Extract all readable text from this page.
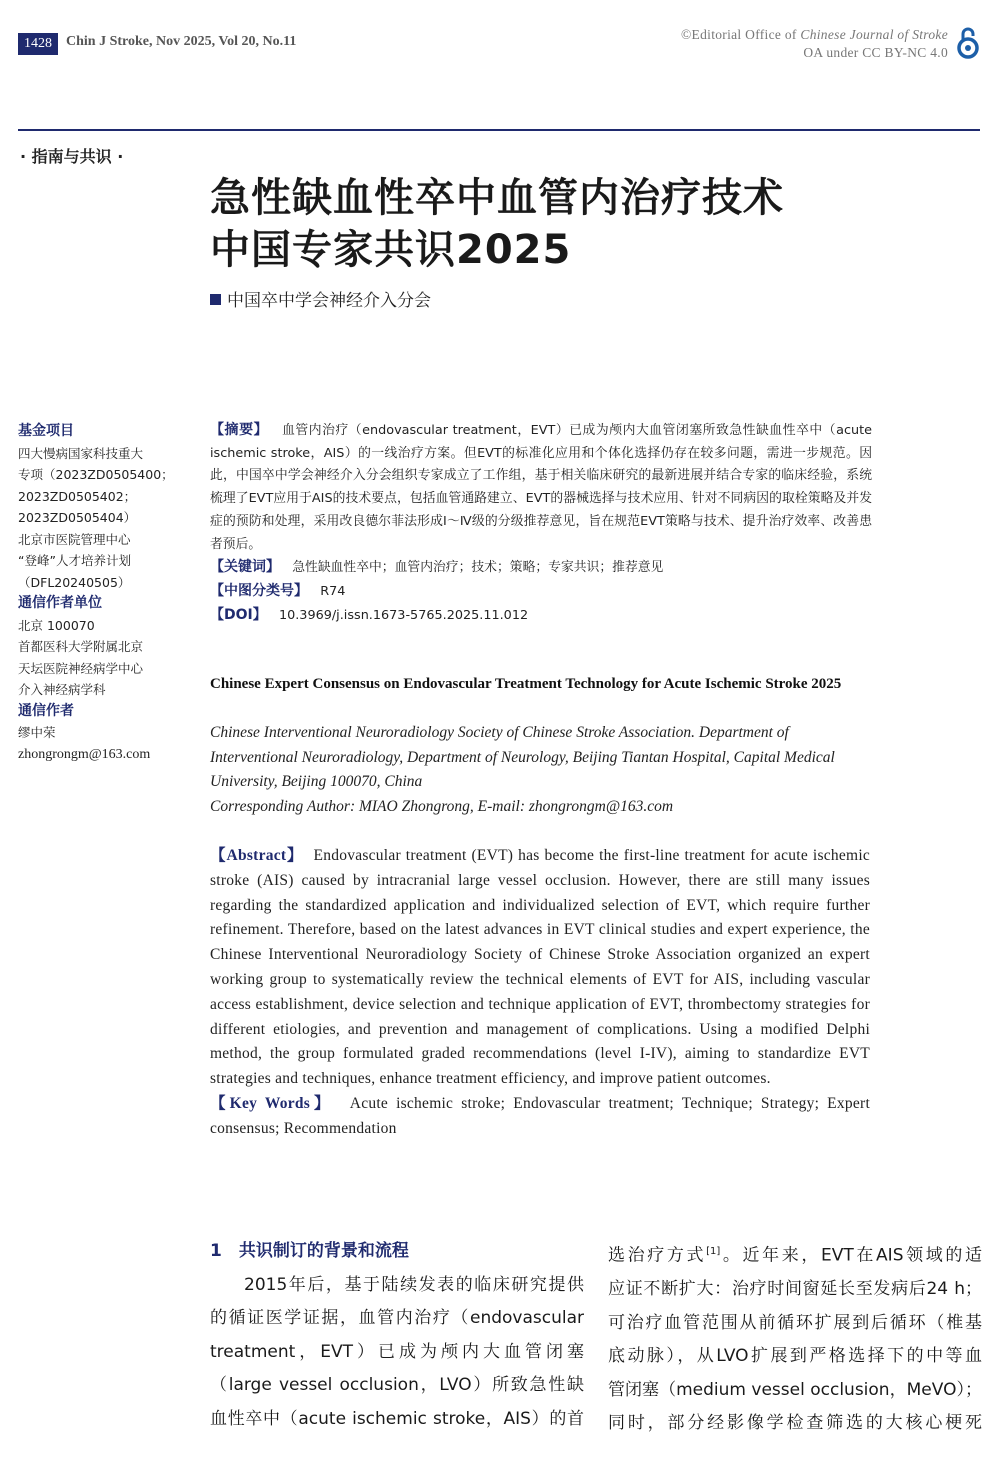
1428	Chin J Stroke, Nov 2025, Vol 20, No.11	©Editorial Office of Chinese Journal of Stroke
OA under CC BY-NC 4.0
· 指南与共识 ·
急性缺血性卒中血管内治疗技术
中国专家共识2025
中国卒中学会神经介入分会
基金项目
四大慢病国家科技重大
专项（2023ZD0505400；
2023ZD0505402；
2023ZD0505404）
北京市医院管理中心
“登峰”人才培养计划
（DFL20240505）
通信作者单位
北京 100070
首都医科大学附属北京
天坛医院神经病学中心
介入神经病学科
通信作者
缪中荣
zhongrongm@163.com
【摘要】 血管内治疗（endovascular treatment，EVT）已成为颅内大血管闭塞所致急性缺血性卒中（acute ischemic stroke，AIS）的一线治疗方案。但EVT的标准化应用和个体化选择仍存在较多问题，需进一步规范。因此，中国卒中学会神经介入分会组织专家成立了工作组，基于相关临床研究的最新进展并结合专家的临床经验，系统梳理了EVT应用于AIS的技术要点，包括血管通路建立、EVT的器械选择与技术应用、针对不同病因的取栓策略及并发症的预防和处理，采用改良德尔菲法形成Ⅰ～Ⅳ级的分级推荐意见，旨在规范EVT策略与技术、提升治疗效率、改善患者预后。
【关键词】 急性缺血性卒中；血管内治疗；技术；策略；专家共识；推荐意见
【中图分类号】 R74
【DOI】 10.3969/j.issn.1673-5765.2025.11.012
Chinese Expert Consensus on Endovascular Treatment Technology for Acute Ischemic Stroke 2025
Chinese Interventional Neuroradiology Society of Chinese Stroke Association. Department of Interventional Neuroradiology, Department of Neurology, Beijing Tiantan Hospital, Capital Medical University, Beijing 100070, China
Corresponding Author: MIAO Zhongrong, E-mail: zhongrongm@163.com
【Abstract】 Endovascular treatment (EVT) has become the first-line treatment for acute ischemic stroke (AIS) caused by intracranial large vessel occlusion. However, there are still many issues regarding the standardized application and individualized selection of EVT, which require further refinement. Therefore, based on the latest advances in EVT clinical studies and expert experience, the Chinese Interventional Neuroradiology Society of Chinese Stroke Association organized an expert working group to systematically review the technical elements of EVT for AIS, including vascular access establishment, device selection and technique application of EVT, thrombectomy strategies for different etiologies, and prevention and management of complications. Using a modified Delphi method, the group formulated graded recommendations (level I-IV), aiming to standardize EVT strategies and techniques, enhance treatment efficiency, and improve patient outcomes.
【Key Words】 Acute ischemic stroke; Endovascular treatment; Technique; Strategy; Expert consensus; Recommendation
1　共识制订的背景和流程
2015年后，基于陆续发表的临床研究提供
的循证医学证据，血管内治疗（endovascular
treatment，EVT）已成为颅内大血管闭塞
（large vessel occlusion，LVO）所致急性缺
血性卒中（acute ischemic stroke，AIS）的首
选治疗方式[1]。近年来，EVT在AIS领域的适
应证不断扩大：治疗时间窗延长至发病后24 h；
可治疗血管范围从前循环扩展到后循环（椎基
底动脉），从LVO扩展到严格选择下的中等血
管闭塞（medium vessel occlusion，MeVO）；
同时，部分经影像学检查筛选的大核心梗死
